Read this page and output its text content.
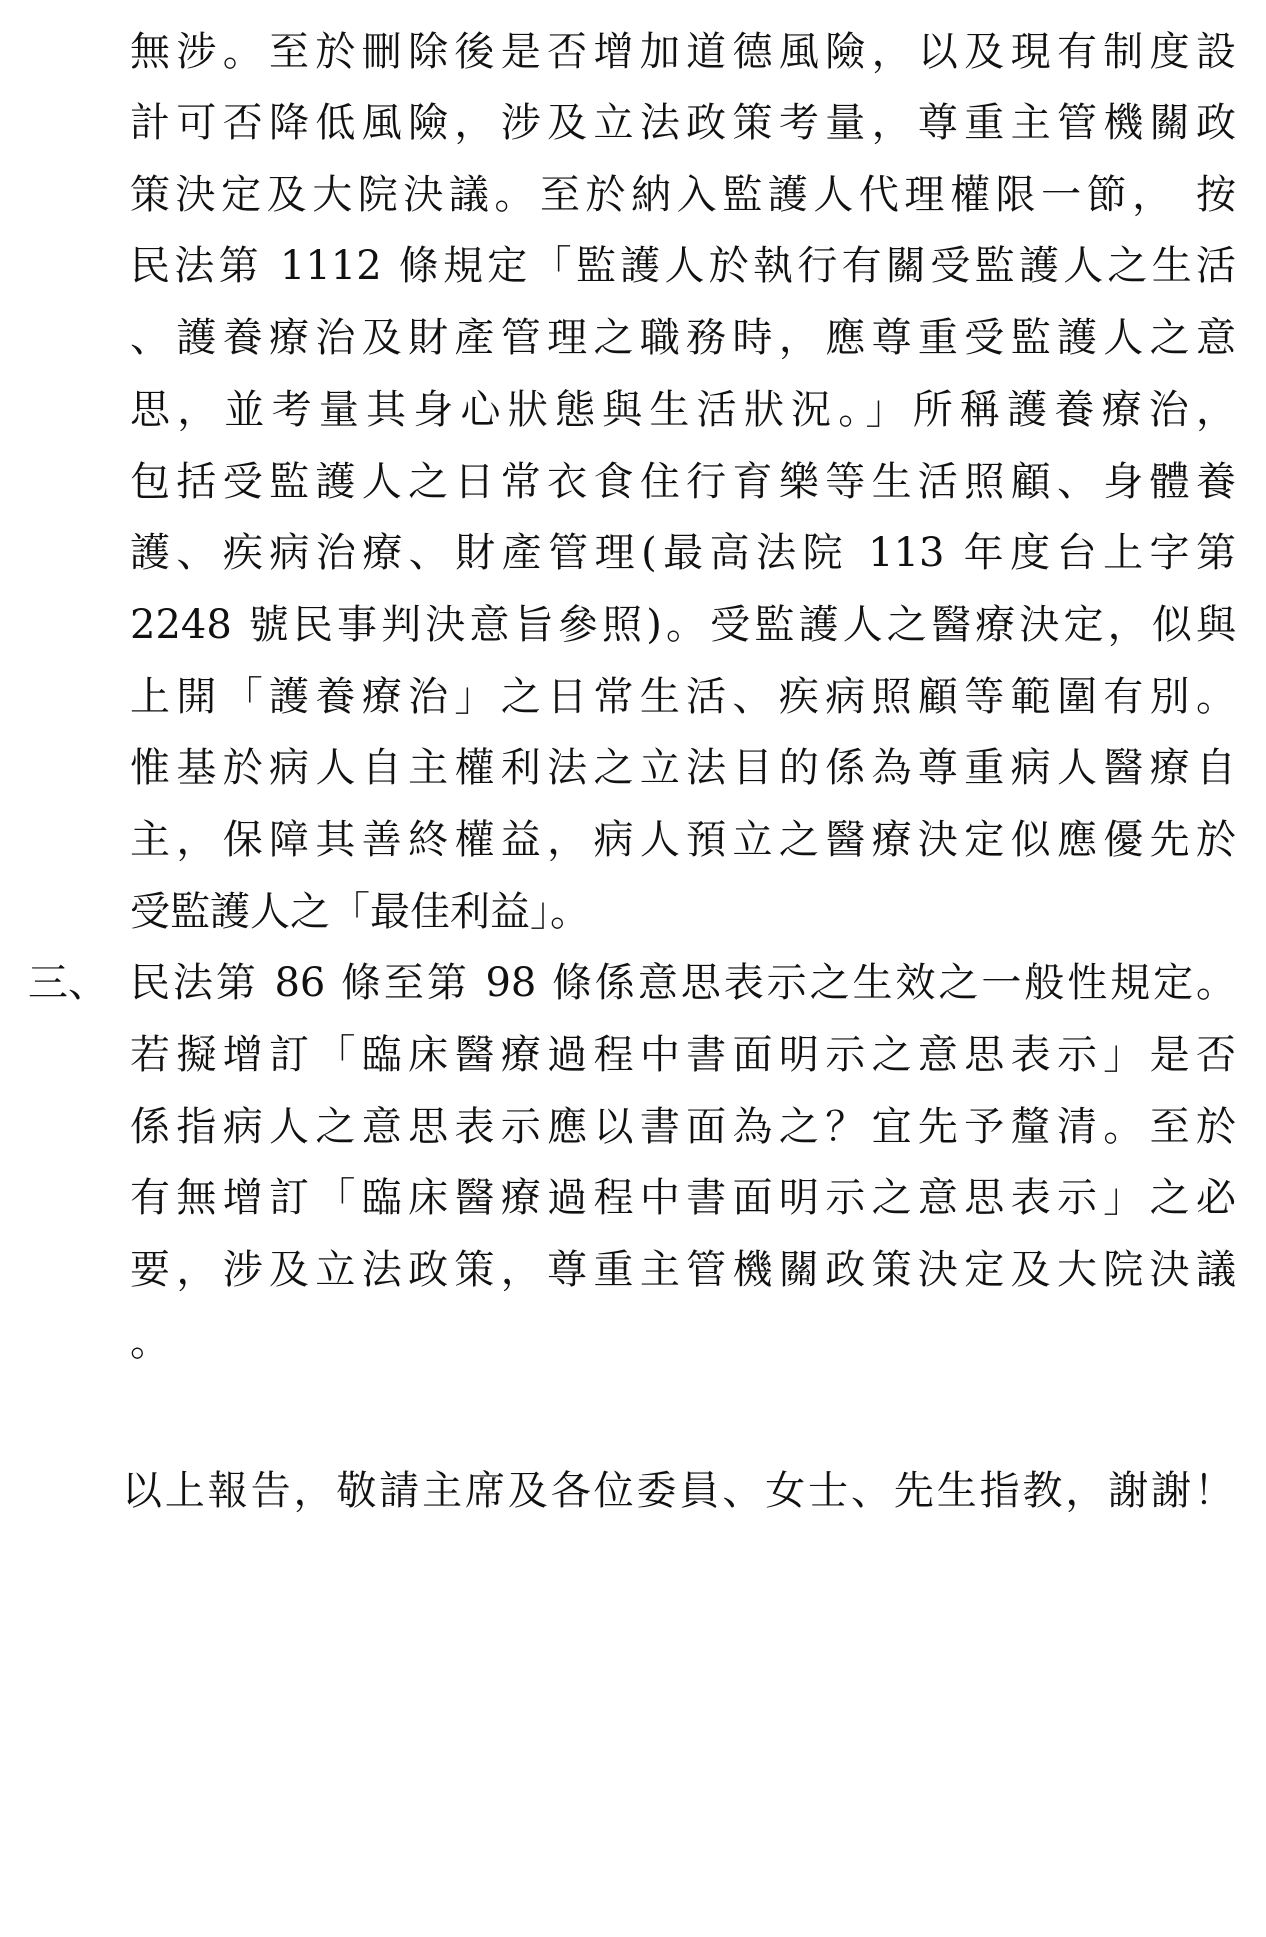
無涉。至於刪除後是否增加道德風險，以及現有制度設
計可否降低風險，涉及立法政策考量，尊重主管機關政
策決定及大院決議。至於納入監護人代理權限一節， 按
民法第 1112 條規定「監護人於執行有關受監護人之生活
、護養療治及財產管理之職務時，應尊重受監護人之意
思，並考量其身心狀態與生活狀況。」所稱護養療治，
包括受監護人之日常衣食住行育樂等生活照顧、身體養
護、疾病治療、財產管理(最高法院 113 年度台上字第
2248 號民事判決意旨參照)。受監護人之醫療決定，似與
上開「護養療治」之日常生活、疾病照顧等範圍有別。
惟基於病人自主權利法之立法目的係為尊重病人醫療自
主，保障其善終權益，病人預立之醫療決定似應優先於
受監護人之「最佳利益」。
三、 民法第 86 條至第 98 條係意思表示之生效之一般性規定。
若擬增訂「臨床醫療過程中書面明示之意思表示」是否
係指病人之意思表示應以書面為之？宜先予釐清。至於
有無增訂「臨床醫療過程中書面明示之意思表示」之必
要，涉及立法政策，尊重主管機關政策決定及大院決議
。
以上報告，敬請主席及各位委員、女士、先生指教，謝謝！
